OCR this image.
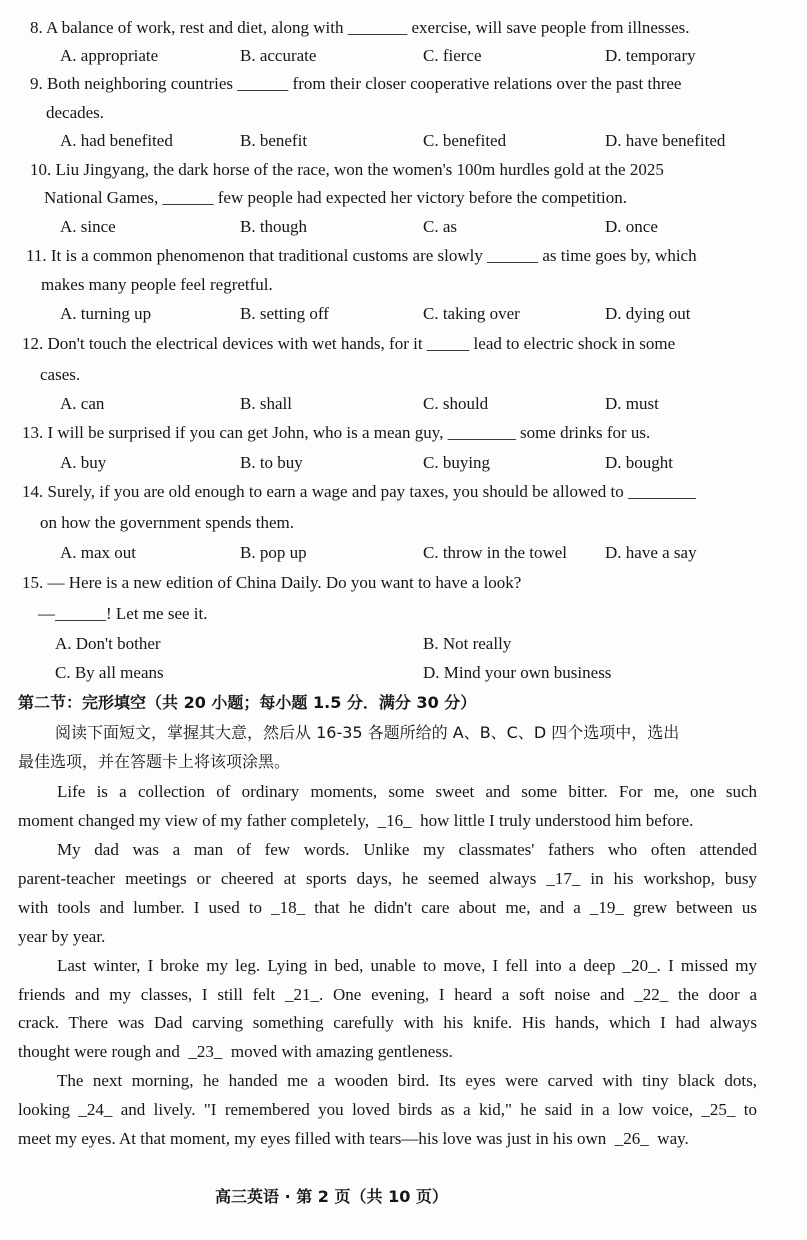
8. A balance of work, rest and diet, along with _______ exercise, will save people from illnesses.
A. appropriate	B. accurate	C. fierce	D. temporary
9. Both neighboring countries ______ from their closer cooperative relations over the past three
decades.
A. had benefited	B. benefit	C. benefited	D. have benefited
10. Liu Jingyang, the dark horse of the race, won the women's 100m hurdles gold at the 2025
National Games, ______ few people had expected her victory before the competition.
A. since	B. though	C. as	D. once
11. It is a common phenomenon that traditional customs are slowly ______ as time goes by, which
makes many people feel regretful.
A. turning up	B. setting off	C. taking over	D. dying out
12. Don't touch the electrical devices with wet hands, for it _____ lead to electric shock in some
cases.
A. can	B. shall	C. should	D. must
13. I will be surprised if you can get John, who is a mean guy, ________ some drinks for us.
A. buy	B. to buy	C. buying	D. bought
14. Surely, if you are old enough to earn a wage and pay taxes, you should be allowed to ________
on how the government spends them.
A. max out	B. pop up	C. throw in the towel D. have a say
15. — Here is a new edition of China Daily. Do you want to have a look?
—______! Let me see it.
A. Don't bother	B. Not really
C. By all means	D. Mind your own business
第二节：完形填空（共 20 小题；每小题 1.5 分．满分 30 分）
阅读下面短文，掌握其大意，然后从 16-35 各题所给的 A、B、C、D 四个选项中，选出
最佳选项，并在答题卡上将该项涂黑。
Life is a collection of ordinary moments, some sweet and some bitter. For me, one such
moment changed my view of my father completely,  _16_  how little I truly understood him before.
My dad was a man of few words. Unlike my classmates' fathers who often attended
parent-teacher meetings or cheered at sports days, he seemed always _17_ in his workshop, busy
with tools and lumber. I used to _18_ that he didn't care about me, and a _19_ grew between us
year by year.
Last winter, I broke my leg. Lying in bed, unable to move, I fell into a deep _20_. I missed my
friends and my classes, I still felt _21_. One evening, I heard a soft noise and _22_ the door a
crack. There was Dad carving something carefully with his knife. His hands, which I had always
thought were rough and  _23_  moved with amazing gentleness.
The next morning, he handed me a wooden bird. Its eyes were carved with tiny black dots,
looking _24_ and lively. "I remembered you loved birds as a kid," he said in a low voice, _25_ to
meet my eyes. At that moment, my eyes filled with tears—his love was just in his own  _26_  way.
高三英语 · 第 2 页（共 10 页）
